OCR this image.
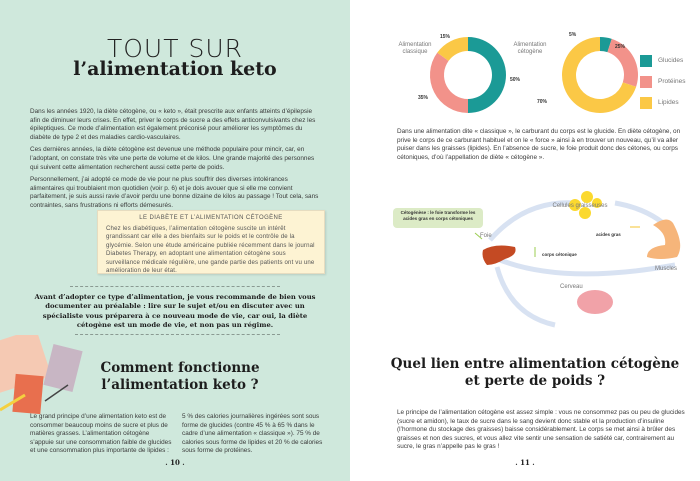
TOUT SUR
l’alimentation keto

Dans les années 1920, la diète cétogène, ou « keto », était prescrite aux enfants atteints d’épilepsie afin de diminuer leurs crises. En effet, priver le corps de sucre a des effets anticonvulsivants chez les épileptiques. Ce mode d’alimentation est également préconisé pour améliorer les symptômes du diabète de type 2 et des maladies cardio-vasculaires.

Ces dernières années, la diète cétogène est devenue une méthode populaire pour mincir, car, en l’adoptant, on constate très vite une perte de volume et de kilos. Une grande majorité des personnes qui suivent cette alimentation recherchent aussi cette perte de poids.

Personnellement, j’ai adopté ce mode de vie pour ne plus souffrir des diverses intolérances alimentaires qui troublaient mon quotidien (voir p. 6) et je dois avouer que si elle me convient parfaitement, je suis aussi ravie d’avoir perdu une bonne dizaine de kilos au passage ! Tout cela, sans contraintes, sans frustrations ni efforts démesurés.

LE DIABÈTE ET L’ALIMENTATION CÉTOGÈNE

Chez les diabétiques, l’alimentation cétogène suscite un intérêt grandissant car elle a des bienfaits sur le poids et le contrôle de la glycémie. Selon une étude américaine publiée récemment dans le journal Diabetes Therapy, en adoptant une alimentation cétogène sous surveillance médicale régulière, une gande partie des patients ont vu une amélioration de leur état.

Avant d’adopter ce type d’alimentation, je vous recommande de bien vous documenter au préalable : lire sur le sujet et/ou en discuter avec un spécialiste vous préparera à ce nouveau mode de vie, car oui, la diète cétogène est un mode de vie, et non pas un régime.
Comment fonctionne
l’alimentation keto ?

Le grand principe d’une alimentation keto est de consommer beaucoup moins de sucre et plus de matières grasses. L’alimentation cétogène s’appuie sur une consommation faible de glucides et une consommation plus importante de lipides :

5 % des calories journalières ingérées sont sous forme de glucides (contre 45 % à 65 % dans le cadre d’une alimentation « classique »). 75 % de calories sous forme de lipides et 20 % de calories sous forme de protéines.

. 10 .
Alimentation classique
Alimentation cétogène
15%
50%
35%
5%
25%
70%
Glucides
Protéines
Lipides

Dans une alimentation dite « classique », le carburant du corps est le glucide. En diète cétogène, on prive le corps de ce carburant habituel et on le « force » ainsi à en trouver un nouveau, qu’il va aller puiser dans les graisses (lipides). En l’absence de sucre, le foie produit donc des cétones, ou corps cétoniques, d’où l’appellation de diète « cétogène ».

Cellules graisseuses
Foie
Muscles
Cerveau
acides gras
corps cétonique
Cétogénèse : le foie transforme les acides gras en corps cétoniques
Quel lien entre alimentation cétogène
et perte de poids ?

Le principe de l’alimentation cétogène est assez simple : vous ne consommez pas ou peu de glucides (sucre et amidon), le taux de sucre dans le sang devient donc stable et la production d’insuline (l’hormone du stockage des graisses) baisse considérablement. Le corps se met ainsi à brûler des graisses et non des sucres, et vous allez vite sentir une sensation de satiété car, contrairement au sucre, le gras n’appelle pas le gras !

. 11 .
